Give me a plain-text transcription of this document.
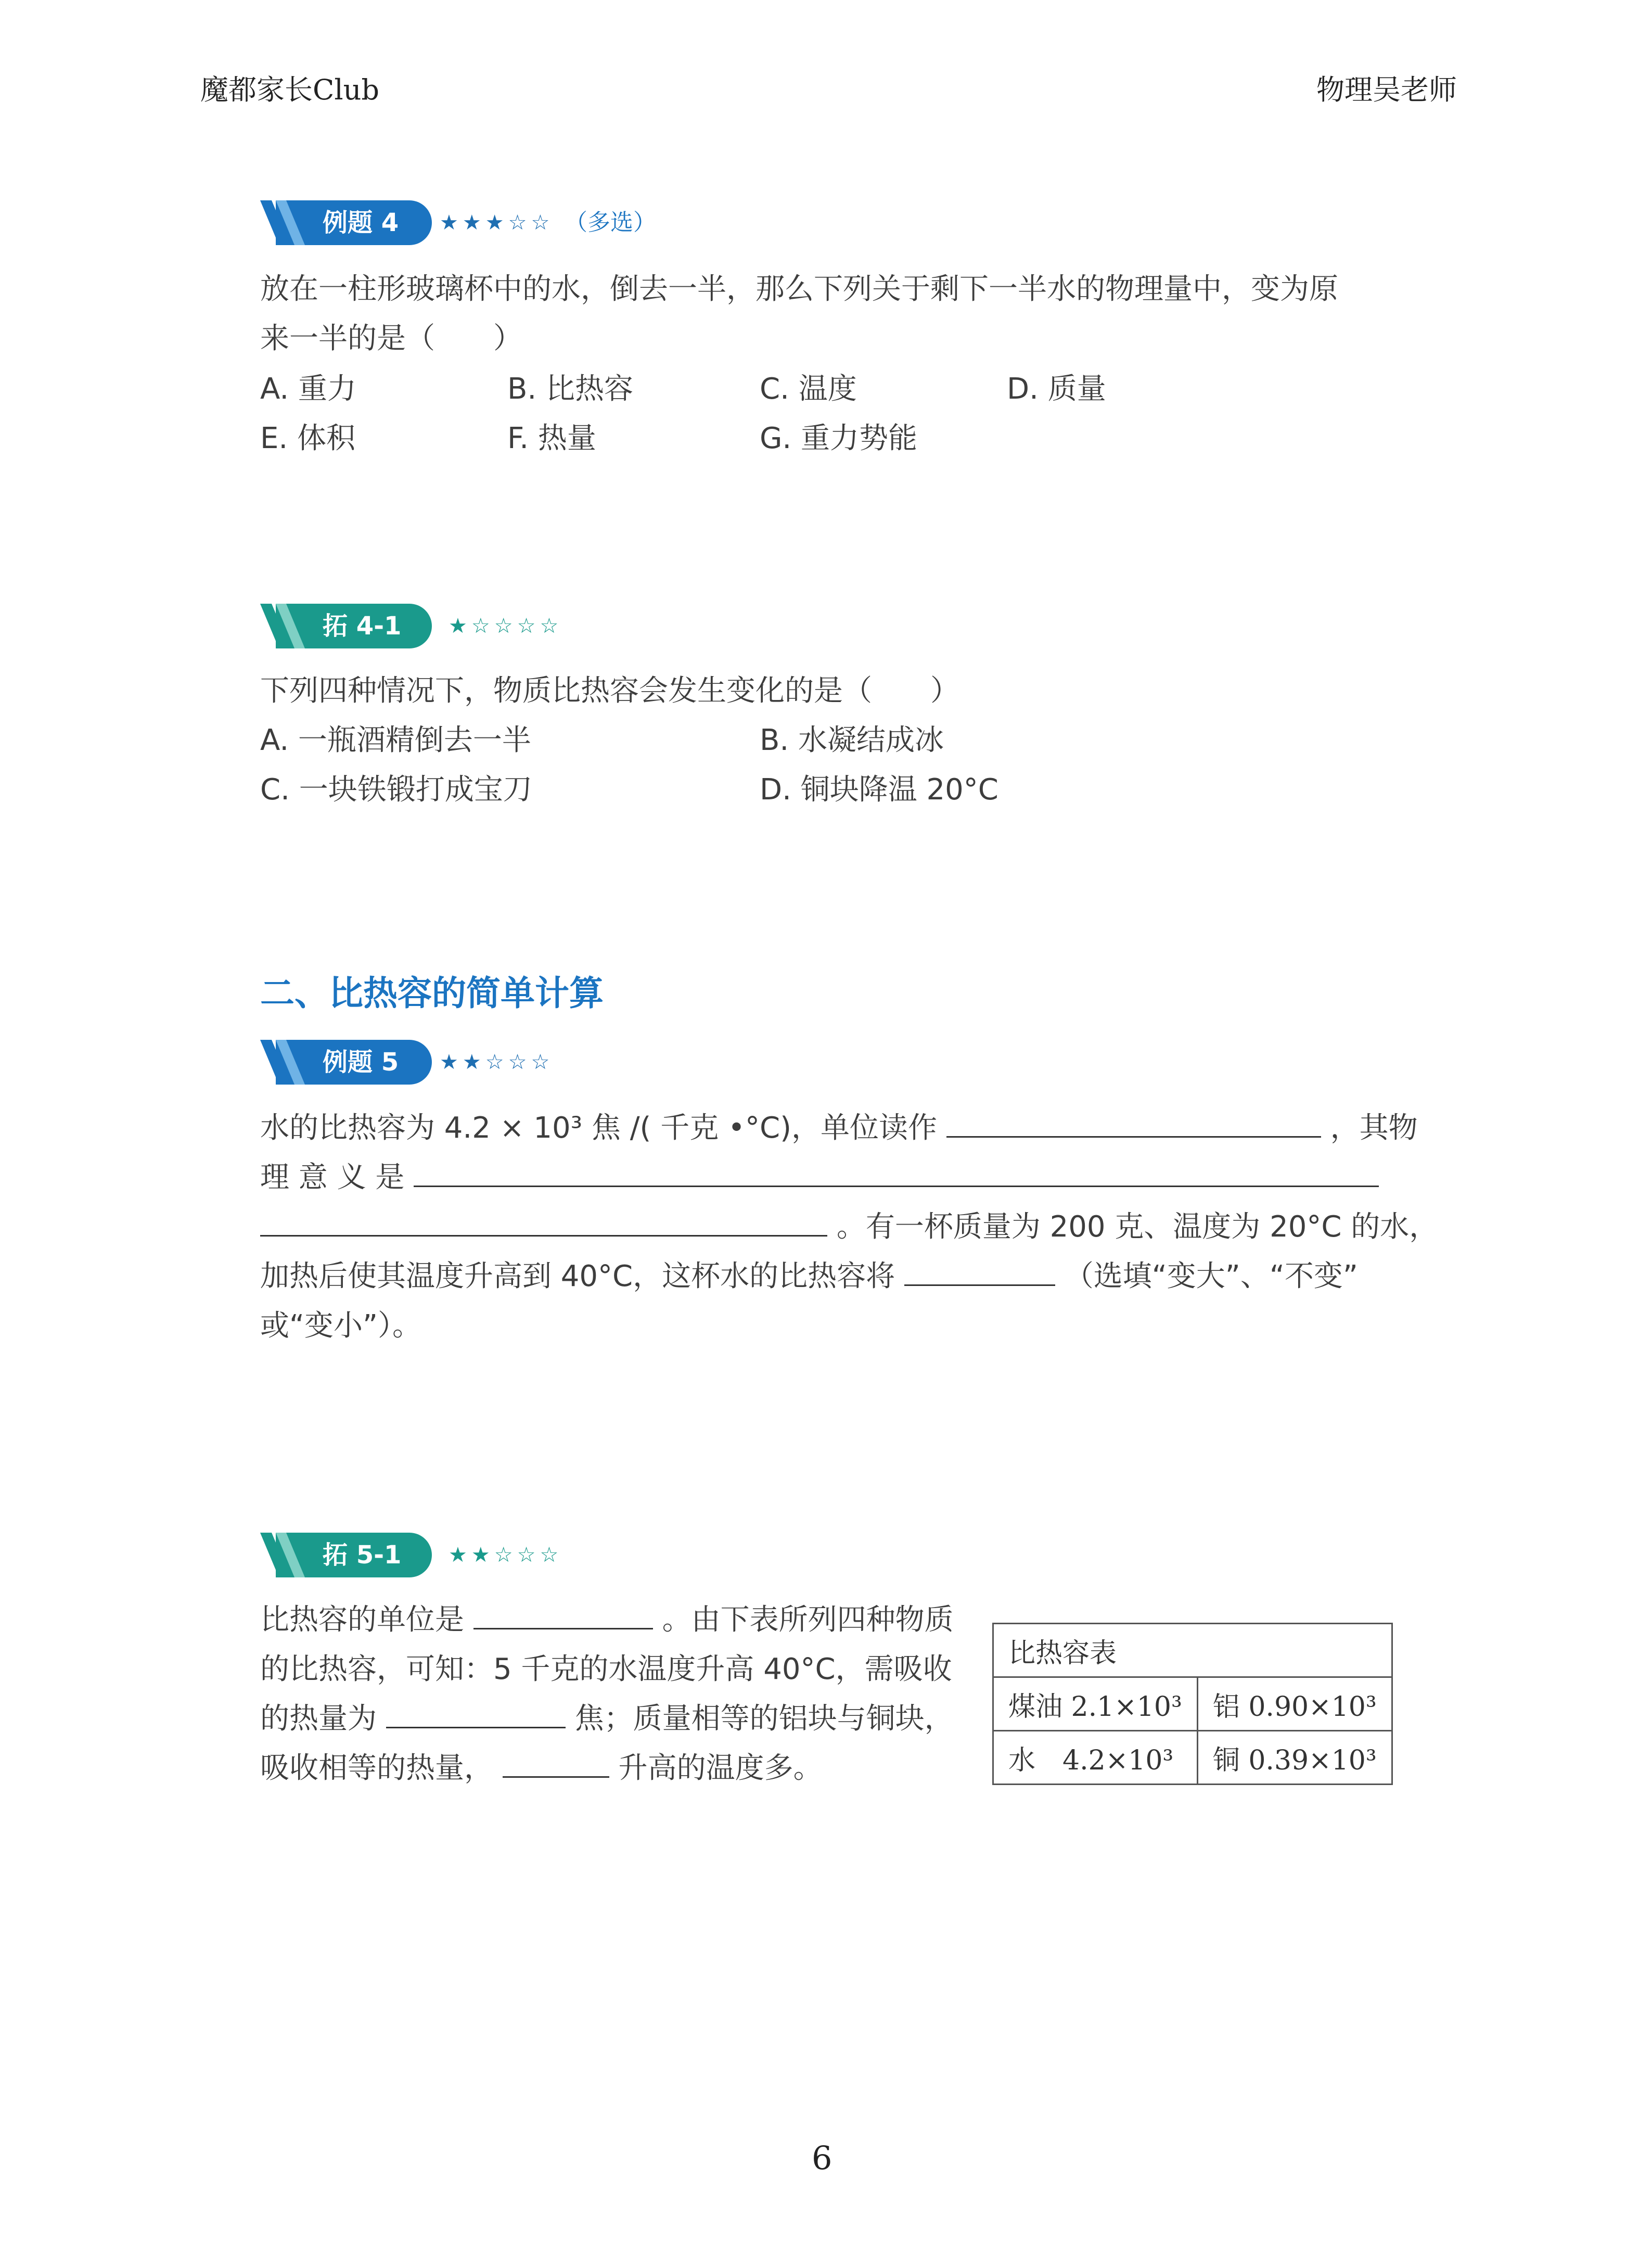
魔都家长Club	物理吴老师
例题 4 ★★★☆☆ （多选）
放在一柱形玻璃杯中的水，倒去一半，那么下列关于剩下一半水的物理量中，变为原
来一半的是（　　）
A. 重力	B. 比热容	C. 温度	D. 质量
E. 体积	F. 热量	G. 重力势能
拓 4-1 ★☆☆☆☆
下列四种情况下，物质比热容会发生变化的是（　　）
A. 一瓶酒精倒去一半	B. 水凝结成冰
C. 一块铁锻打成宝刀	D. 铜块降温 20°C
二、比热容的简单计算
例题 5 ★★☆☆☆
水的比热容为 4.2 × 10³ 焦 /( 千克 •°C)，单位读作	，其物
理 意 义 是
。有一杯质量为 200 克、温度为 20°C 的水，
加热后使其温度升高到 40°C，这杯水的比热容将	（选填“变大”、“不变”
或“变小”）。
拓 5-1 ★★☆☆☆
比热容的单位是	。由下表所列四种物质
的比热容，可知：5 千克的水温度升高 40°C，需吸收
的热量为	焦；质量相等的铝块与铜块，
吸收相等的热量，	升高的温度多。
比热容表	
煤油 2.1×10³	铝 0.90×10³
水　4.2×10³	铜 0.39×10³
6
